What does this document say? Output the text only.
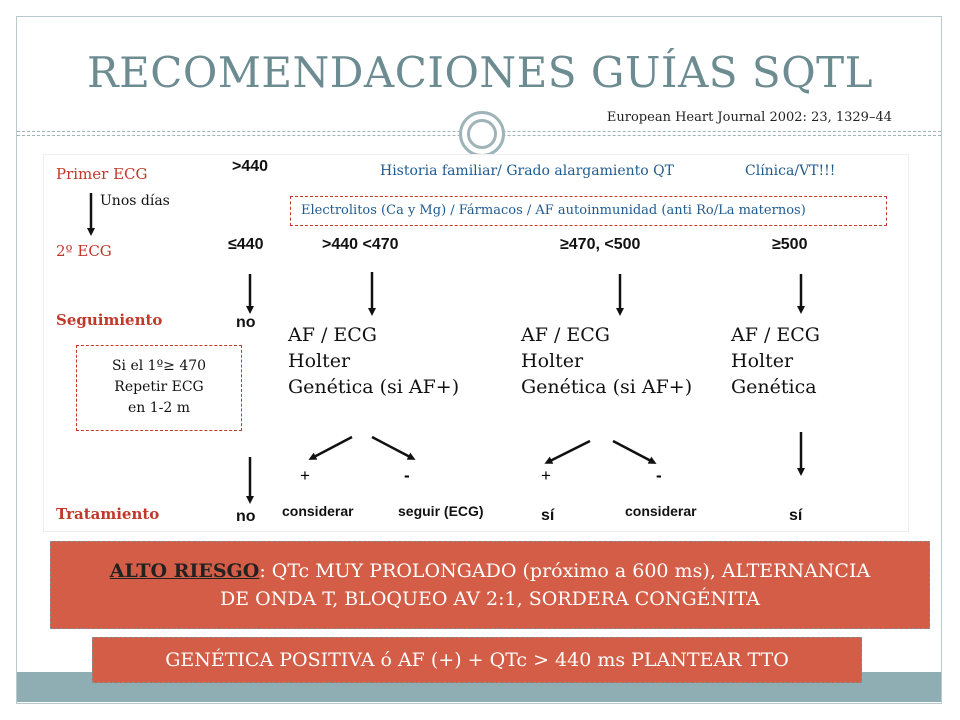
RECOMENDACIONES GUÍAS SQTL
European Heart Journal 2002: 23, 1329–44
Primer ECG
Unos días
2º ECG
Seguimiento
Tratamiento
>440
≤440	>440 <470	≥470, <500	≥500
Historia familiar/ Grado alargamiento QT	Clínica/VT!!!
Electrolitos (Ca y Mg) / Fármacos / AF autoinmunidad (anti Ro/La maternos)
no
AF / ECG
Holter
Genética (si AF+)
AF / ECG
Holter
Genética (si AF+)
AF / ECG
Holter
Genética
Si el 1º≥ 470
Repetir ECG
en 1-2 m
+	-	+	-
no considerar	seguir (ECG)	sí	considerar	sí
ALTO RIESGO: QTc MUY PROLONGADO (próximo a 600 ms), ALTERNANCIA
DE ONDA T, BLOQUEO AV 2:1, SORDERA CONGÉNITA
GENÉTICA POSITIVA ó AF (+) + QTc > 440 ms PLANTEAR TTO
